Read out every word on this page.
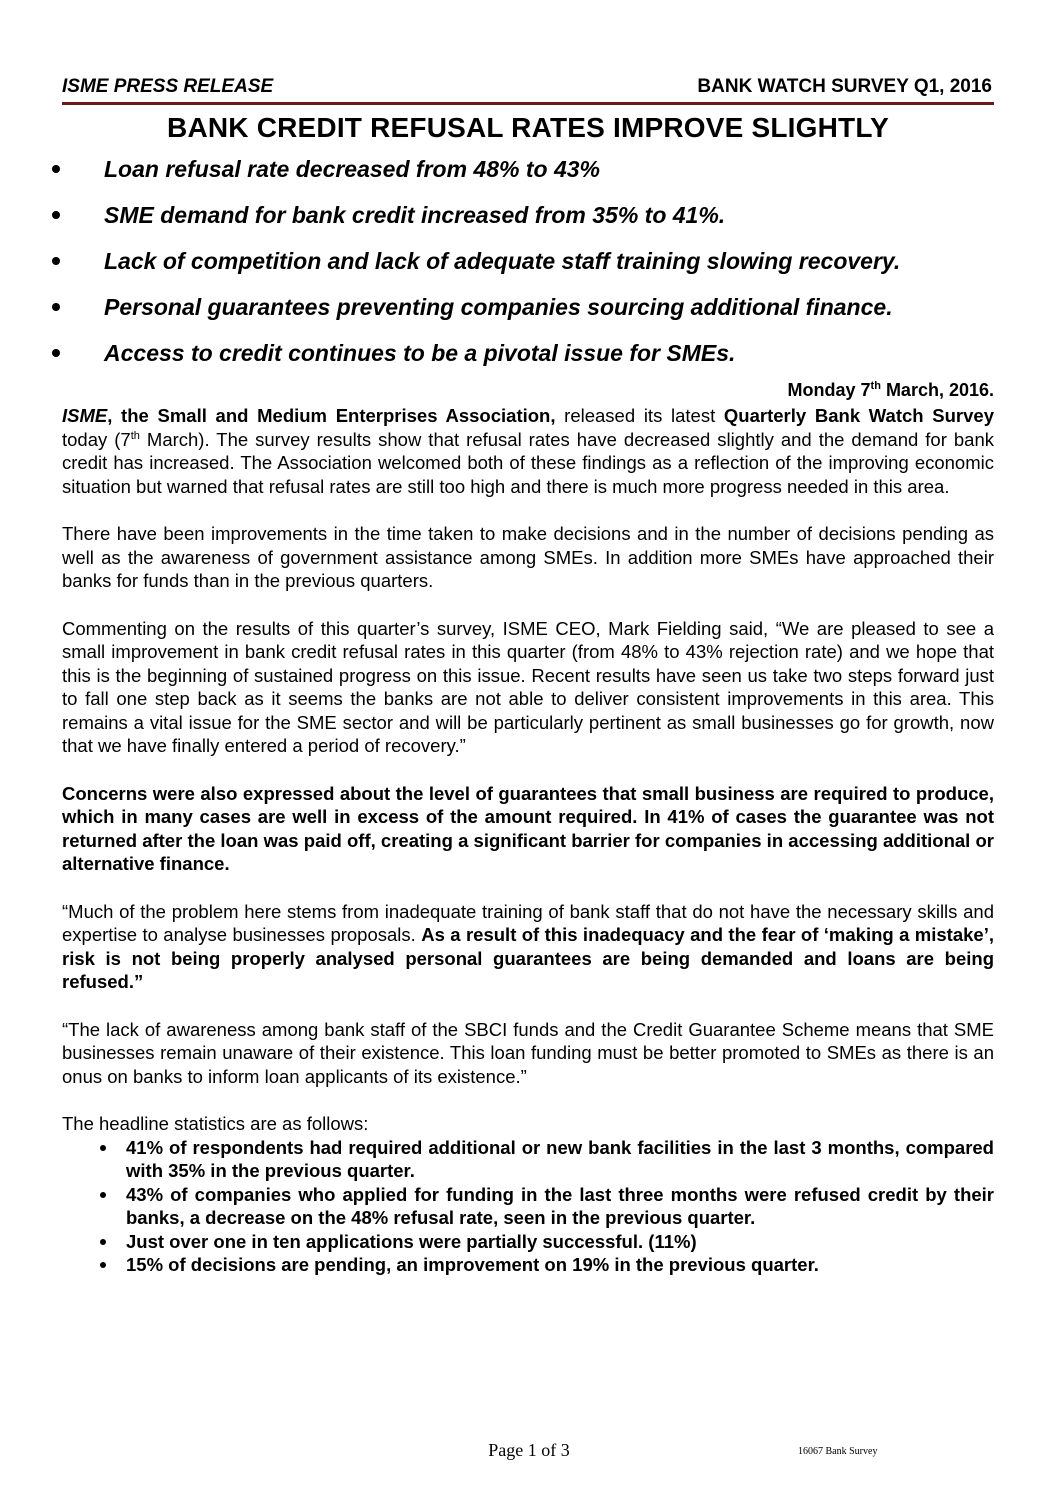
ISME PRESS RELEASE	BANK WATCH SURVEY Q1, 2016
BANK CREDIT REFUSAL RATES IMPROVE SLIGHTLY
Loan refusal rate decreased from 48% to 43%
SME demand for bank credit increased from 35% to 41%.
Lack of competition and lack of adequate staff training slowing recovery.
Personal guarantees preventing companies sourcing additional finance.
Access to credit continues to be a pivotal issue for SMEs.
Monday 7th March, 2016.

ISME, the Small and Medium Enterprises Association, released its latest Quarterly Bank Watch Survey today (7th March). The survey results show that refusal rates have decreased slightly and the demand for bank credit has increased. The Association welcomed both of these findings as a reflection of the improving economic situation but warned that refusal rates are still too high and there is much more progress needed in this area.

There have been improvements in the time taken to make decisions and in the number of decisions pending as well as the awareness of government assistance among SMEs. In addition more SMEs have approached their banks for funds than in the previous quarters.

Commenting on the results of this quarter’s survey, ISME CEO, Mark Fielding said, “We are pleased to see a small improvement in bank credit refusal rates in this quarter (from 48% to 43% rejection rate) and we hope that this is the beginning of sustained progress on this issue. Recent results have seen us take two steps forward just to fall one step back as it seems the banks are not able to deliver consistent improvements in this area. This remains a vital issue for the SME sector and will be particularly pertinent as small businesses go for growth, now that we have finally entered a period of recovery.”

Concerns were also expressed about the level of guarantees that small business are required to produce, which in many cases are well in excess of the amount required. In 41% of cases the guarantee was not returned after the loan was paid off, creating a significant barrier for companies in accessing additional or alternative finance.

“Much of the problem here stems from inadequate training of bank staff that do not have the necessary skills and expertise to analyse businesses proposals. As a result of this inadequacy and the fear of ‘making a mistake’, risk is not being properly analysed personal guarantees are being demanded and loans are being refused.”

“The lack of awareness among bank staff of the SBCI funds and the Credit Guarantee Scheme means that SME businesses remain unaware of their existence. This loan funding must be better promoted to SMEs as there is an onus on banks to inform loan applicants of its existence.”

The headline statistics are as follows:
41% of respondents had required additional or new bank facilities in the last 3 months, compared with 35% in the previous quarter.
43% of companies who applied for funding in the last three months were refused credit by their banks, a decrease on the 48% refusal rate, seen in the previous quarter.
Just over one in ten applications were partially successful. (11%)
15% of decisions are pending, an improvement on 19% in the previous quarter.
Page 1 of 3	16067 Bank Survey
